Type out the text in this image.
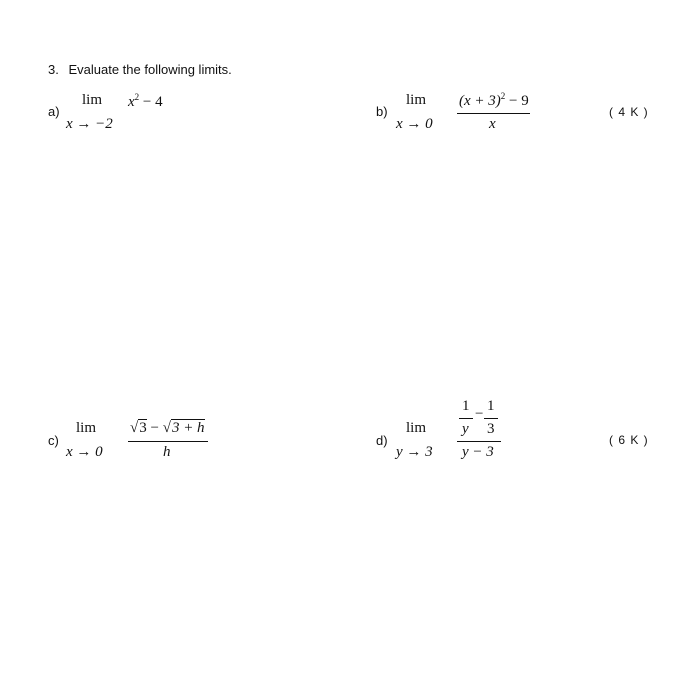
3. Evaluate the following limits.
a)
lim
x → −2
$x^2 - 4$
b)
lim
x → 0
$(x + 3)^2 - 9$
x
( 4 K )
c)
lim
x → 0
√3 − √3 + h
h
d)
lim
y → 3
1
y
− 1
3
y − 3
( 6 K )
